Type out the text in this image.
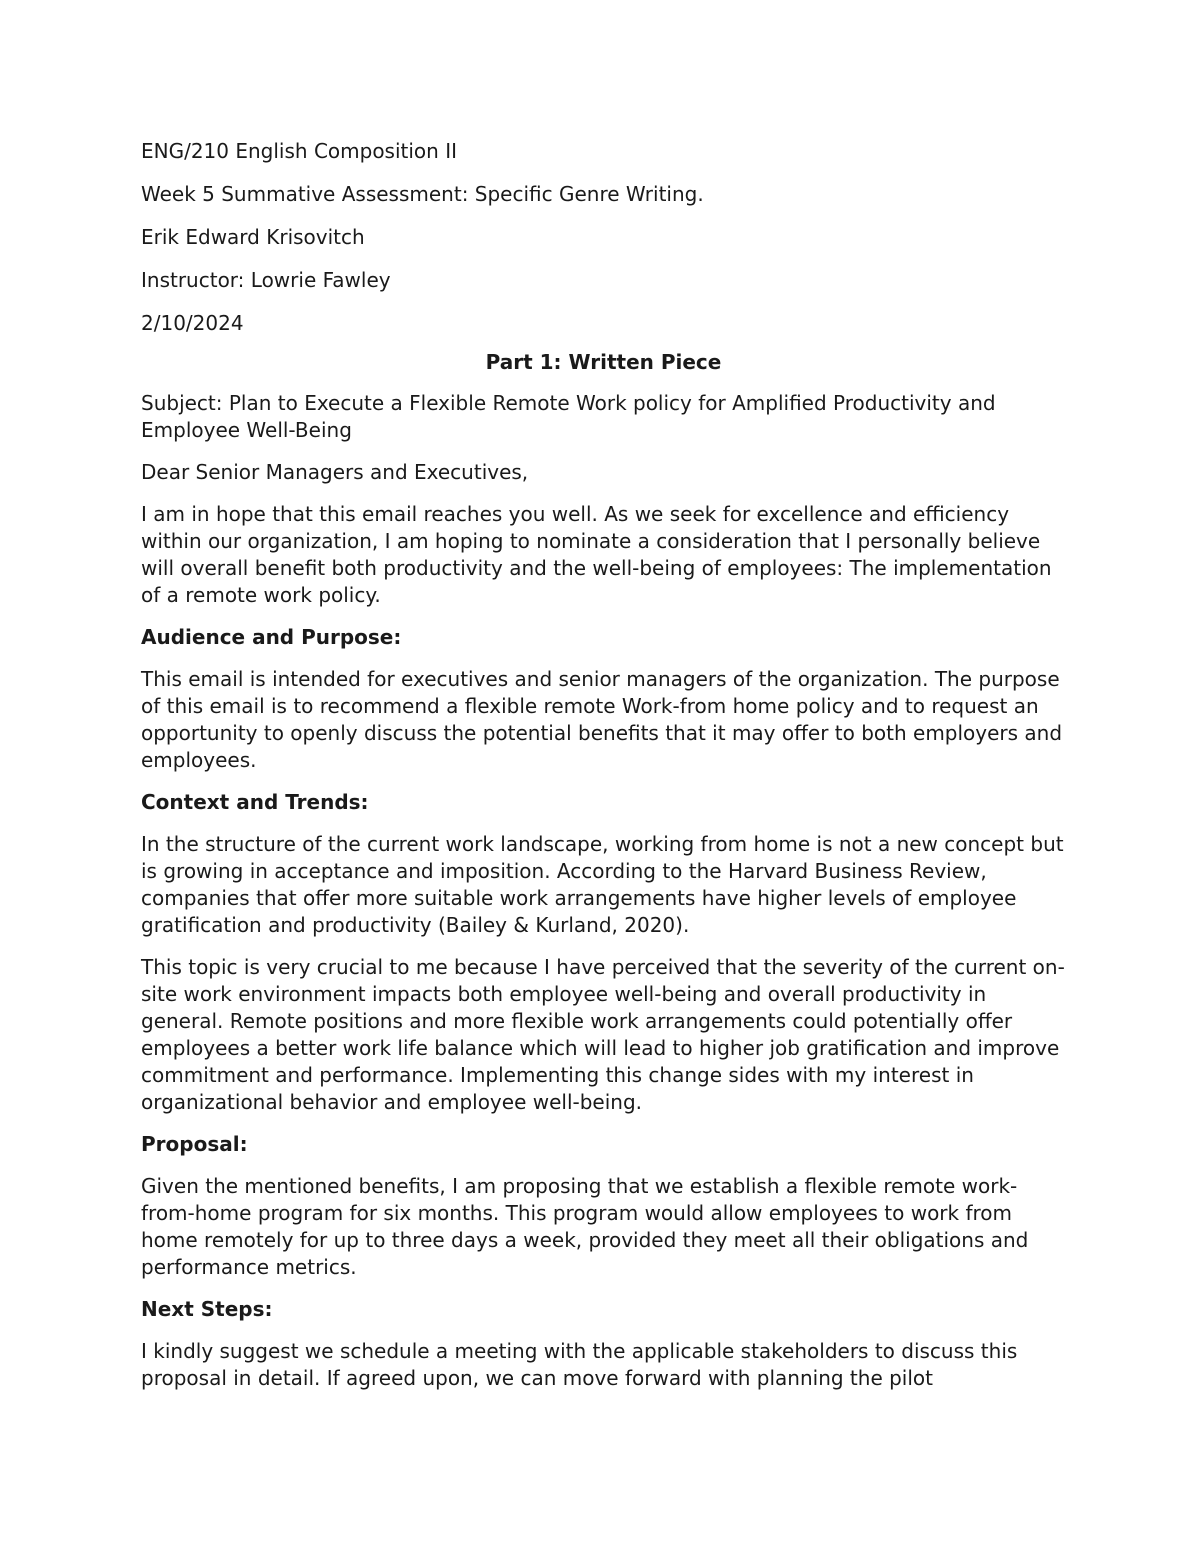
ENG/210 English Composition II
Week 5 Summative Assessment: Specific Genre Writing.
Erik Edward Krisovitch
Instructor: Lowrie Fawley
2/10/2024
Part 1: Written Piece

Subject: Plan to Execute a Flexible Remote Work policy for Amplified Productivity and Employee Well-Being

Dear Senior Managers and Executives,

I am in hope that this email reaches you well. As we seek for excellence and efficiency within our organization, I am hoping to nominate a consideration that I personally believe will overall benefit both productivity and the well-being of employees: The implementation of a remote work policy.

Audience and Purpose:

This email is intended for executives and senior managers of the organization. The purpose of this email is to recommend a flexible remote Work-from home policy and to request an opportunity to openly discuss the potential benefits that it may offer to both employers and employees.

Context and Trends:

In the structure of the current work landscape, working from home is not a new concept but is growing in acceptance and imposition. According to the Harvard Business Review, companies that offer more suitable work arrangements have higher levels of employee gratification and productivity (Bailey & Kurland, 2020).

This topic is very crucial to me because I have perceived that the severity of the current on-site work environment impacts both employee well-being and overall productivity in general. Remote positions and more flexible work arrangements could potentially offer employees a better work life balance which will lead to higher job gratification and improve commitment and performance. Implementing this change sides with my interest in organizational behavior and employee well-being.

Proposal:

Given the mentioned benefits, I am proposing that we establish a flexible remote work-from-home program for six months. This program would allow employees to work from home remotely for up to three days a week, provided they meet all their obligations and performance metrics.

Next Steps:

I kindly suggest we schedule a meeting with the applicable stakeholders to discuss this proposal in detail. If agreed upon, we can move forward with planning the pilot
